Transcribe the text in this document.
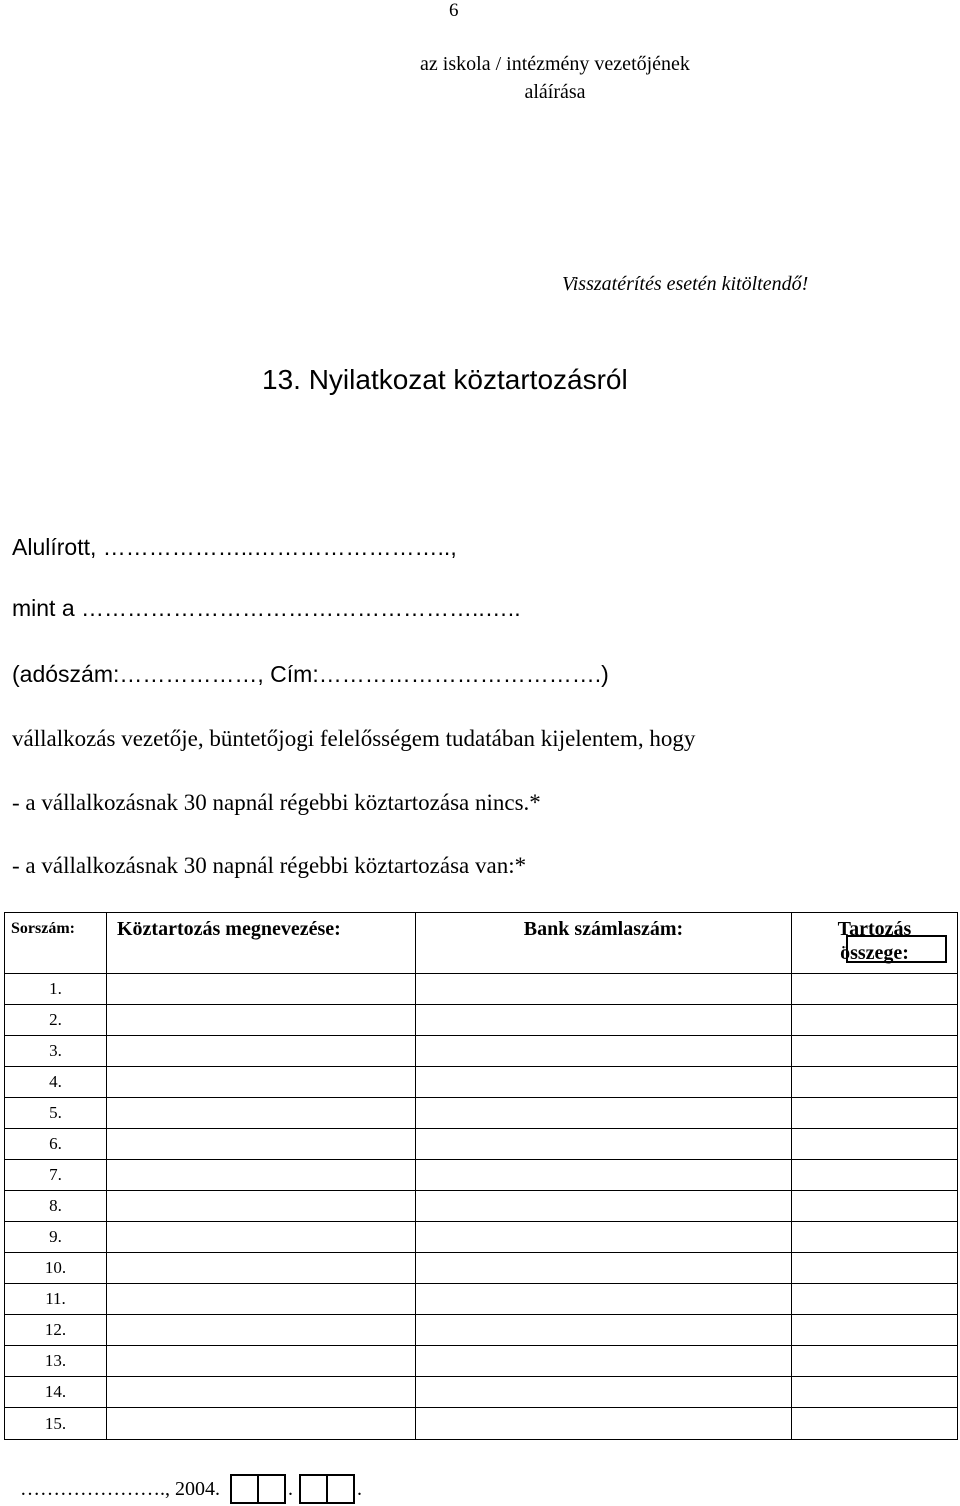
6
az iskola / intézmény vezetőjének
aláírása
Visszatérítés esetén kitöltendő!
13. Nyilatkozat köztartozásról
Alulírott, ………………..……………………..,
mint a ……………………………………………..…..
(adószám:………………, Cím:……………………………….)
vállalkozás vezetője, büntetőjogi felelősségem tudatában kijelentem, hogy
- a vállalkozásnak 30 napnál régebbi köztartozása nincs.*
- a vállalkozásnak 30 napnál régebbi köztartozása van:*
Sorszám:	Köztartozás megnevezése:	Bank számlaszám:	Tartozás
összege:

1.			
2.			
3.			
4.			
5.			
6.			
7.			
8.			
9.			
10.			
11.			
12.			
13.			
14.			
15.			
…………………., 2004.	.	.
